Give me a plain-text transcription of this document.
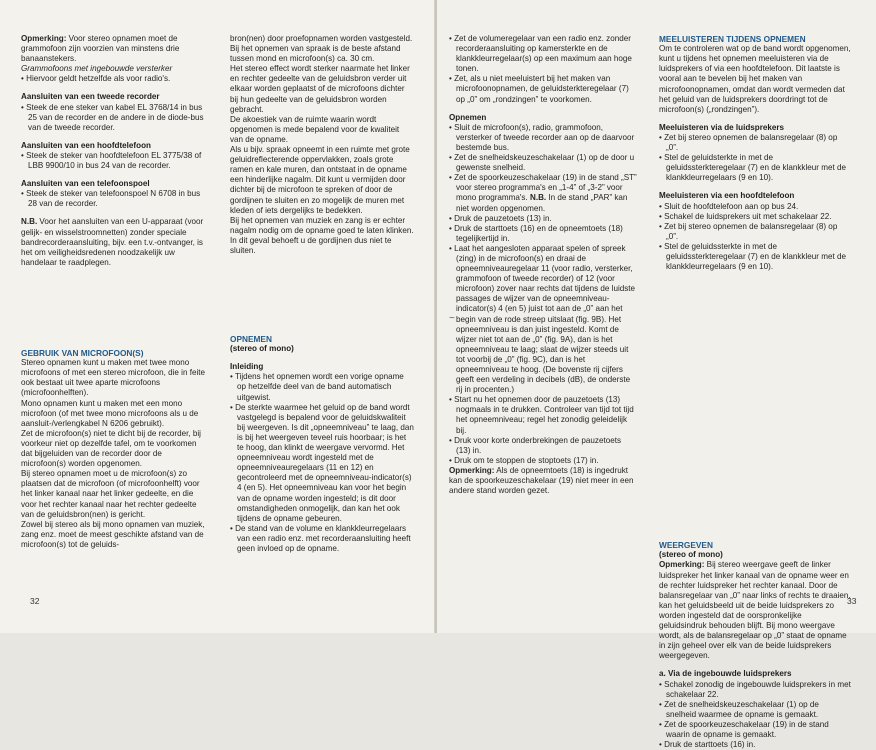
Opmerking: Voor stereo opnamen moet de grammofoon zijn voorzien van minstens drie banaanstekers.

Grammofoons met ingebouwde versterker

• Hiervoor geldt hetzelfde als voor radio's.

Aansluiten van een tweede recorder

• Steek de ene steker van kabel EL 3768/14 in bus 25 van de recorder en de andere in de diode-bus van de tweede recorder.

Aansluiten van een hoofdtelefoon

• Steek de steker van hoofdtelefoon EL 3775/38 of LBB 9900/10 in bus 24 van de recorder.

Aansluiten van een telefoonspoel

• Steek de steker van telefoonspoel N 6708 in bus 28 van de recorder.

N.B. Voor het aansluiten van een U-apparaat (voor gelijk- en wisselstroomnetten) zonder speciale bandrecorderaansluiting, bijv. een t.v.-ontvanger, is het om veiligheidsredenen noodzakelijk uw handelaar te raadplegen.

bron(nen) door proefopnamen worden vastgesteld.

Bij het opnemen van spraak is de beste afstand tussen mond en microfoon(s) ca. 30 cm.

Het stereo effect wordt sterker naarmate het linker en rechter gedeelte van de geluidsbron verder uit elkaar worden geplaatst of de microfoons dichter bij hun gedeelte van de geluidsbron worden gebracht.

De akoestiek van de ruimte waarin wordt opgenomen is mede bepalend voor de kwaliteit van de opname.

Als u bijv. spraak opneemt in een ruimte met grote geluidreflecterende oppervlakken, zoals grote ramen en kale muren, dan ontstaat in de opname een hinderlijke nagalm. Dit kunt u vermijden door dichter bij de microfoon te spreken of door de gordijnen te sluiten en zo mogelijk de muren met kleden of iets dergelijks te bedekken.

Bij het opnemen van muziek en zang is er echter nagalm nodig om de opname goed te laten klinken. In dit geval behoeft u de gordijnen dus niet te sluiten.

GEBRUIK VAN MICROFOON(S)

Stereo opnamen kunt u maken met twee mono microfoons of met een stereo microfoon, die in feite ook bestaat uit twee aparte microfoons (microfoonhelften).

Mono opnamen kunt u maken met een mono microfoon (of met twee mono microfoons als u de aansluit-/verlengkabel N 6206 gebruikt).

Zet de microfoon(s) niet te dicht bij de recorder, bij voorkeur niet op dezelfde tafel, om te voorkomen dat bijgeluiden van de recorder door de microfoon(s) worden opgenomen.

Bij stereo opnamen moet u de microfoon(s) zo plaatsen dat de microfoon (of microfoonhelft) voor het linker kanaal naar het linker gedeelte, en die voor het rechter kanaal naar het rechter gedeelte van de geluidsbron(nen) is gericht.

Zowel bij stereo als bij mono opnamen van muziek, zang enz. moet de meest geschikte afstand van de microfoon(s) tot de geluids-

OPNEMEN

(stereo of mono)

Inleiding

• Tijdens het opnemen wordt een vorige opname op hetzelfde deel van de band automatisch uitgewist.

• De sterkte waarmee het geluid op de band wordt vastgelegd is bepalend voor de geluidskwaliteit bij weergeven. Is dit „opneemniveau” te laag, dan is bij het weergeven teveel ruis hoorbaar; is het te hoog, dan klinkt de weergave vervormd. Het opneemniveau wordt ingesteld met de opneemniveauregelaars (11 en 12) en gecontroleerd met de opneemniveau-indicator(s) 4 (en 5). Het opneemniveau kan voor het begin van de opname worden ingesteld; is dit door omstandigheden onmogelijk, dan kan het ook tijdens de opname gebeuren.

• De stand van de volume en klankkleurregelaars van een radio enz. met recorderaansluiting heeft geen invloed op de opname.

32

• Zet de volumeregelaar van een radio enz. zonder recorderaansluiting op kamersterkte en de klankkleurregelaar(s) op een maximum aan hoge tonen.

• Zet, als u niet meeluistert bij het maken van microfoonopnamen, de geluidsterkteregelaar (7) op „0” om „rondzingen” te voorkomen.

Opnemen

• Sluit de microfoon(s), radio, grammofoon, versterker of tweede recorder aan op de daarvoor bestemde bus.

• Zet de snelheidskeuzeschakelaar (1) op de door u gewenste snelheid.

• Zet de spoorkeuzeschakelaar (19) in de stand „ST” voor stereo programma's en „1-4” of „3-2” voor mono programma's. N.B. In de stand „PAR” kan niet worden opgenomen.

• Druk de pauzetoets (13) in.

• Druk de starttoets (16) en de opneemtoets (18) tegelijkertijd in.

• Laat het aangesloten apparaat spelen of spreek (zing) in de microfoon(s) en draai de opneemniveauregelaar 11 (voor radio, versterker, grammofoon of tweede recorder) of 12 (voor microfoon) zover naar rechts dat tijdens de luidste passages de wijzer van de opneemniveau-indicator(s) 4 (en 5) juist tot aan de „0” aan het begin van de rode streep uitslaat (fig. 9B). Het opneemniveau is dan juist ingesteld. Komt de wijzer niet tot aan de „0” (fig. 9A), dan is het opneemniveau te laag; slaat de wijzer steeds uit tot voorbij de „0” (fig. 9C), dan is het opneemniveau te hoog. (De bovenste rij cijfers geeft een verdeling in decibels (dB), de onderste rij in procenten.)

• Start nu het opnemen door de pauzetoets (13) nogmaals in te drukken. Controleer van tijd tot tijd het opneemniveau; regel het zonodig geleidelijk bij.

• Druk voor korte onderbrekingen de pauzetoets (13) in.

• Druk om te stoppen de stoptoets (17) in.

Opmerking: Als de opneemtoets (18) is ingedrukt kan de spoorkeuzeschakelaar (19) niet meer in een andere stand worden gezet.

MEELUISTEREN TIJDENS OPNEMEN

Om te controleren wat op de band wordt opgenomen, kunt u tijdens het opnemen meeluisteren via de luidsprekers of via een hoofdtelefoon. Dit laatste is vooral aan te bevelen bij het maken van microfoonopnamen, omdat dan wordt vermeden dat het geluid van de luidsprekers doordringt tot de microfoon(s) („rondzingen”).

Meeluisteren via de luidsprekers

• Zet bij stereo opnemen de balansregelaar (8) op „0”.

• Stel de geluidsterkte in met de geluidssterkteregelaar (7) en de klankkleur met de klankkleurregelaars (9 en 10).

Meeluisteren via een hoofdtelefoon

• Sluit de hoofdtelefoon aan op bus 24.

• Schakel de luidsprekers uit met schakelaar 22.

• Zet bij stereo opnemen de balansregelaar (8) op „0”.

• Stel de geluidssterkte in met de geluidssterkteregelaar (7) en de klankkleur met de klankkleurregelaars (9 en 10).

WEERGEVEN

(stereo of mono)

Opmerking: Bij stereo weergave geeft de linker luidspreker het linker kanaal van de opname weer en de rechter luidspreker het rechter kanaal. Door de balansregelaar van „0” naar links of rechts te draaien, kan het geluidsbeeld uit de beide luidsprekers zo worden ingesteld dat de oorspronkelijke geluidsindruk behouden blijft. Bij mono weergave wordt, als de balansregelaar op „0” staat de opname in zijn geheel over elk van de beide luidsprekers weergegeven.

a. Via de ingebouwde luidsprekers

• Schakel zonodig de ingebouwde luidsprekers in met schakelaar 22.

• Zet de snelheidskeuzeschakelaar (1) op de snelheid waarmee de opname is gemaakt.

• Zet de spoorkeuzeschakelaar (19) in de stand waarin de opname is gemaakt.

• Druk de starttoets (16) in.

33
~
